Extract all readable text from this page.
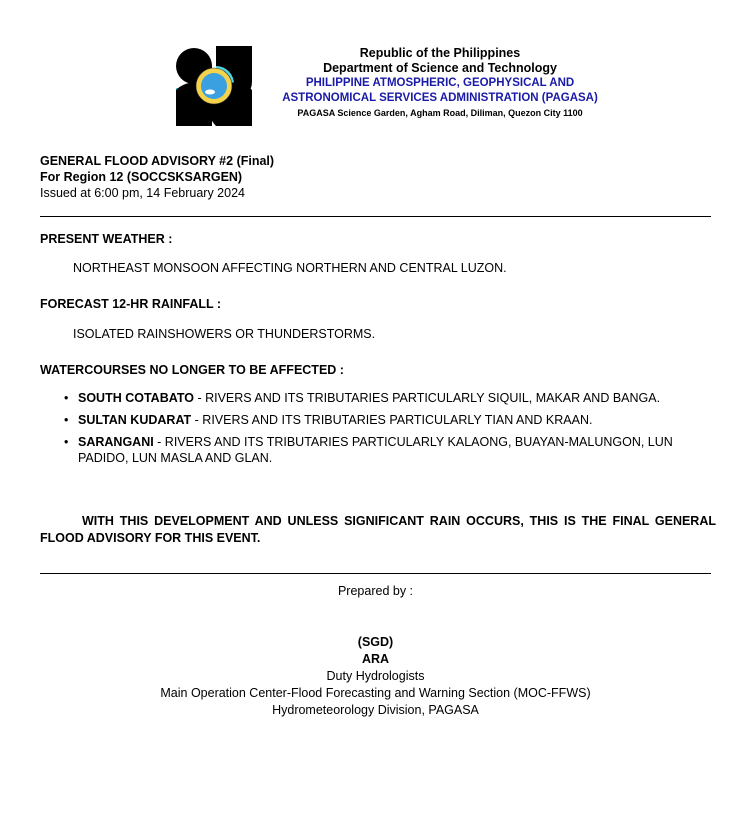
Republic of the Philippines
Department of Science and Technology
PHILIPPINE ATMOSPHERIC, GEOPHYSICAL AND
ASTRONOMICAL SERVICES ADMINISTRATION (PAGASA)
PAGASA Science Garden, Agham Road, Diliman, Quezon City 1100
GENERAL FLOOD ADVISORY #2 (Final)
For Region 12 (SOCCSKSARGEN)
Issued at 6:00 pm, 14 February 2024
PRESENT WEATHER :
NORTHEAST MONSOON AFFECTING NORTHERN AND CENTRAL LUZON.
FORECAST 12-HR RAINFALL :
ISOLATED RAINSHOWERS OR THUNDERSTORMS.
WATERCOURSES NO LONGER TO BE AFFECTED :
• SOUTH COTABATO - RIVERS AND ITS TRIBUTARIES PARTICULARLY SIQUIL, MAKAR AND BANGA.
• SULTAN KUDARAT - RIVERS AND ITS TRIBUTARIES PARTICULARLY TIAN AND KRAAN.
• SARANGANI - RIVERS AND ITS TRIBUTARIES PARTICULARLY KALAONG, BUAYAN-MALUNGON, LUN PADIDO, LUN MASLA AND GLAN.
WITH THIS DEVELOPMENT AND UNLESS SIGNIFICANT RAIN OCCURS, THIS IS THE FINAL GENERAL FLOOD ADVISORY FOR THIS EVENT.
Prepared by :
(SGD)
ARA
Duty Hydrologists
Main Operation Center-Flood Forecasting and Warning Section (MOC-FFWS)
Hydrometeorology Division, PAGASA
